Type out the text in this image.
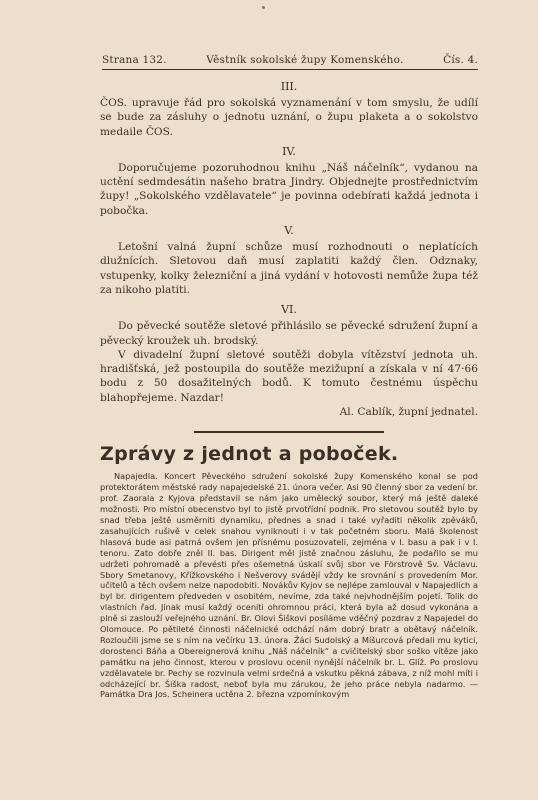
Strana 132.	Věstník sokolské župy Komenského.	Čís. 4.
III.

ČOS. upravuje řád pro sokolská vyznamenání v tom smyslu, že udílí se bude za zásluhy o jednotu uznání, o župu plaketa a o sokolstvo medaile ČOS.

IV.

Doporučujeme pozoruhodnou knihu „Náš náčelník“, vydanou na uctění sedmdesátin našeho bratra Jindry. Objednejte prostřednictvím župy! „Sokolského vzdělavatele“ je povinna odebírati každá jednota i pobočka.

V.

Letošní valná župní schůze musí rozhodnouti o neplatících dlužnících. Sletovou daň musí zaplatiti každý člen. Odznaky, vstupenky, kolky železniční a jiná vydání v hotovosti nemůže župa též za nikoho platiti.

VI.

Do pěvecké soutěže sletové přihlásilo se pěvecké sdružení župní a pěvecký kroužek uh. brodský.

V divadelní župní sletové soutěži dobyla vítězství jednota uh. hradišťská, jež postoupila do soutěže mezižupní a získala v ní 47·66 bodu z 50 dosažitelných bodů. K tomuto čestnému úspěchu blahopřejeme. Nazdar!

Al. Cablík, župní jednatel.

Zprávy z jednot a poboček.

Napajedla. Koncert Pěveckého sdružení sokolské župy Komenského konal se pod protektorátem městské rady napajedelské 21. února večer. Asi 90 členný sbor za vedení br. prof. Zaorala z Kyjova představil se nám jako umělecký soubor, který má ještě daleké možnosti. Pro místní obecenstvo byl to jistě prvotřídní podnik. Pro sletovou soutěž bylo by snad třeba ještě usměrniti dynamiku, přednes a snad i také vyřaditi několik zpěváků, zasahujících rušivě v celek snahou vyniknouti i v tak početném sboru. Malá školenost hlasová bude asi patrná ovšem jen přísnému posuzovateli, zejména v I. basu a pak i v I. tenoru. Zato dobře zněl II. bas. Dirigent měl jistě značnou zásluhu, že podařilo se mu udržeti pohromadě a převésti přes ošemetná úskalí svůj sbor ve Förstrově Sv. Václavu. Sbory Smetanovy, Křížkovského i Nešverovy svádějí vždy ke srovnání s provedením Mor. učitelů a těch ovšem nelze napodobiti. Novákův Kyjov se nejlépe zamlouval v Napajedlích a byl br. dirigentem předveden v osobitém, nevíme, zda také nejvhodnějším pojetí. Tolik do vlastních řad. Jinak musí každý oceniti ohromnou práci, která byla až dosud vykonána a plně si zaslouží veřejného uznání. Br. Olovi Šiškovi posíláme vděčný pozdrav z Napajedel do Olomouce. Po pětileté činnosti náčelnické odchází nám dobrý bratr a obětavý náčelník. Rozloučili jsme se s ním na večírku 13. února. Žáci Sudolský a Míšurcová předali mu kytici, dorostenci Báňa a Obereignerová knihu „Náš náčelník“ a cvičitelský sbor soško vítěze jako památku na jeho činnost, kterou v proslovu ocenil nynější náčelník br. L. Glíž. Po proslovu vzdělavatele br. Pechy se rozvinula velmi srdečná a vskutku pěkná zábava, z níž mohl míti i odcházející br. Šiška radost, neboť byla mu zárukou, že jeho práce nebyla nadarmo. — Památka Dra Jos. Scheinera uctěna 2. března vzpomínkovým
